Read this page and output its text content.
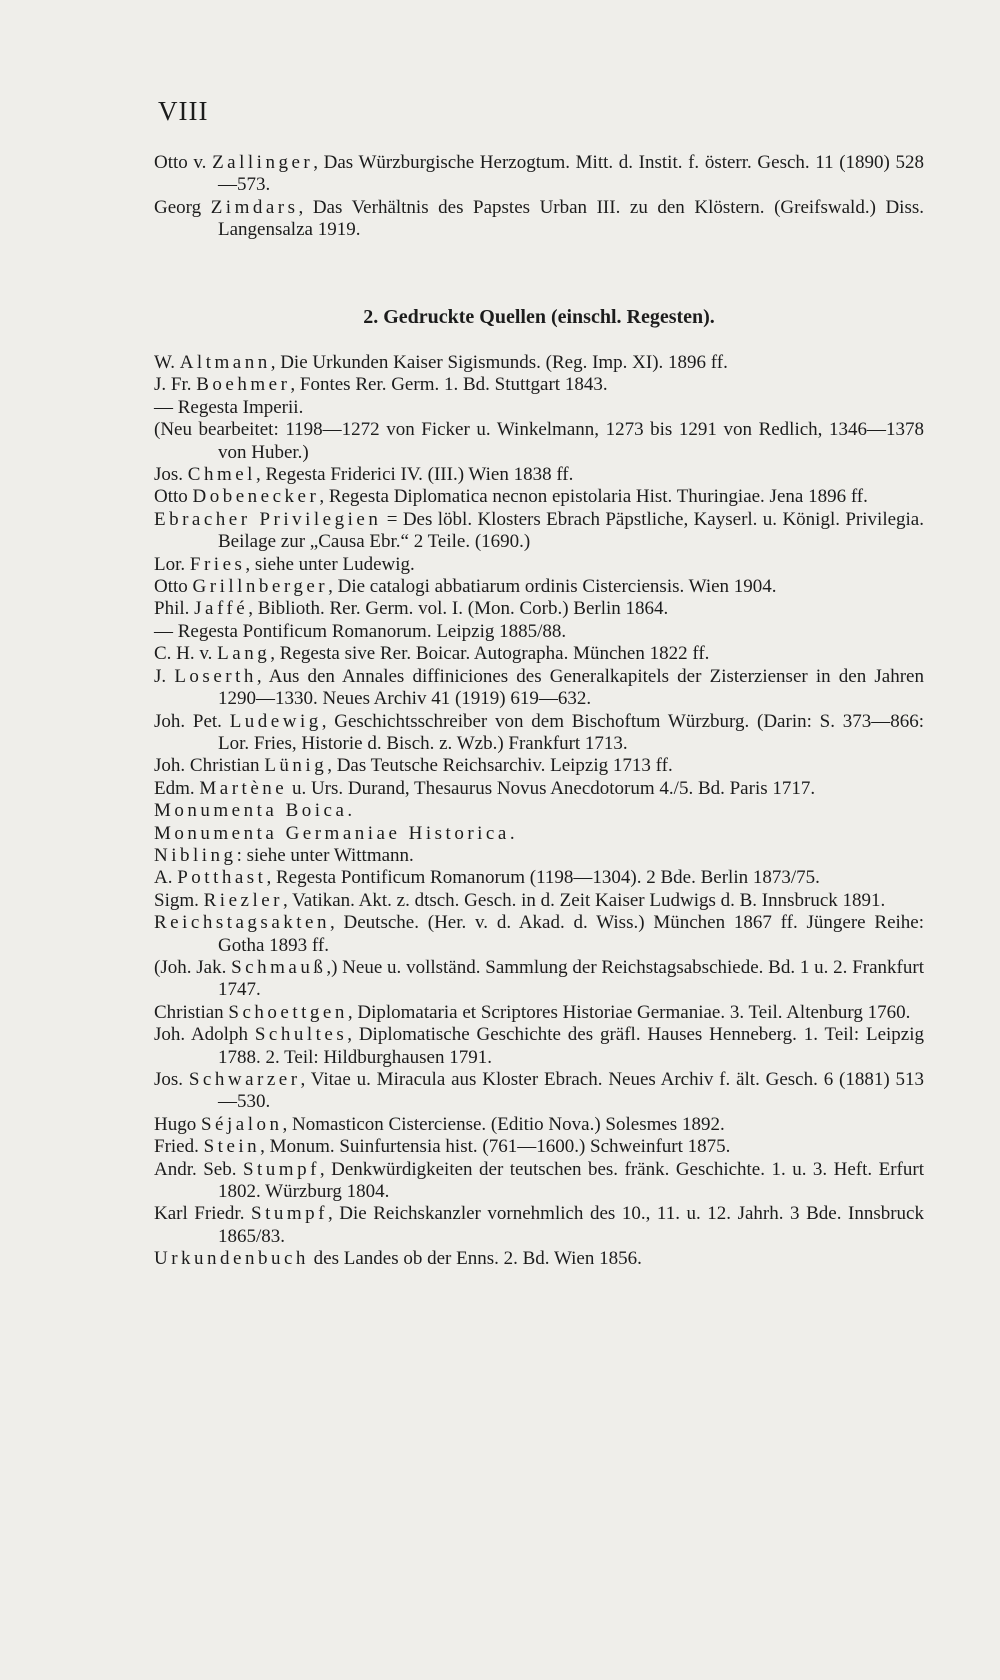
VIII
Otto v. Zallinger, Das Würzburgische Herzogtum. Mitt. d. Instit. f. österr. Gesch. 11 (1890) 528—573.
Georg Zimdars, Das Verhältnis des Papstes Urban III. zu den Klöstern. (Greifswald.) Diss. Langensalza 1919.
2. Gedruckte Quellen (einschl. Regesten).
W. Altmann, Die Urkunden Kaiser Sigismunds. (Reg. Imp. XI). 1896 ff.
J. Fr. Boehmer, Fontes Rer. Germ. 1. Bd. Stuttgart 1843.
— Regesta Imperii.
(Neu bearbeitet: 1198—1272 von Ficker u. Winkelmann, 1273 bis 1291 von Redlich, 1346—1378 von Huber.)
Jos. Chmel, Regesta Friderici IV. (III.) Wien 1838 ff.
Otto Dobenecker, Regesta Diplomatica necnon epistolaria Hist. Thuringiae. Jena 1896 ff.
Ebracher Privilegien = Des löbl. Klosters Ebrach Päpstliche, Kayserl. u. Königl. Privilegia. Beilage zur „Causa Ebr.“ 2 Teile. (1690.)
Lor. Fries, siehe unter Ludewig.
Otto Grillnberger, Die catalogi abbatiarum ordinis Cisterciensis. Wien 1904.
Phil. Jaffé, Biblioth. Rer. Germ. vol. I. (Mon. Corb.) Berlin 1864.
— Regesta Pontificum Romanorum. Leipzig 1885/88.
C. H. v. Lang, Regesta sive Rer. Boicar. Autographa. München 1822 ff.
J. Loserth, Aus den Annales diffiniciones des Generalkapitels der Zisterzienser in den Jahren 1290—1330. Neues Archiv 41 (1919) 619—632.
Joh. Pet. Ludewig, Geschichtsschreiber von dem Bischoftum Würzburg. (Darin: S. 373—866: Lor. Fries, Historie d. Bisch. z. Wzb.) Frankfurt 1713.
Joh. Christian Lünig, Das Teutsche Reichsarchiv. Leipzig 1713 ff.
Edm. Martène u. Urs. Durand, Thesaurus Novus Anecdotorum 4./5. Bd. Paris 1717.
Monumenta Boica.
Monumenta Germaniae Historica.
Nibling: siehe unter Wittmann.
A. Potthast, Regesta Pontificum Romanorum (1198—1304). 2 Bde. Berlin 1873/75.
Sigm. Riezler, Vatikan. Akt. z. dtsch. Gesch. in d. Zeit Kaiser Ludwigs d. B. Innsbruck 1891.
Reichstagsakten, Deutsche. (Her. v. d. Akad. d. Wiss.) München 1867 ff. Jüngere Reihe: Gotha 1893 ff.
(Joh. Jak. Schmauß,) Neue u. vollständ. Sammlung der Reichstagsabschiede. Bd. 1 u. 2. Frankfurt 1747.
Christian Schoettgen, Diplomataria et Scriptores Historiae Germaniae. 3. Teil. Altenburg 1760.
Joh. Adolph Schultes, Diplomatische Geschichte des gräfl. Hauses Henneberg. 1. Teil: Leipzig 1788. 2. Teil: Hildburghausen 1791.
Jos. Schwarzer, Vitae u. Miracula aus Kloster Ebrach. Neues Archiv f. ält. Gesch. 6 (1881) 513—530.
Hugo Séjalon, Nomasticon Cisterciense. (Editio Nova.) Solesmes 1892.
Fried. Stein, Monum. Suinfurtensia hist. (761—1600.) Schweinfurt 1875.
Andr. Seb. Stumpf, Denkwürdigkeiten der teutschen bes. fränk. Geschichte. 1. u. 3. Heft. Erfurt 1802. Würzburg 1804.
Karl Friedr. Stumpf, Die Reichskanzler vornehmlich des 10., 11. u. 12. Jahrh. 3 Bde. Innsbruck 1865/83.
Urkundenbuch des Landes ob der Enns. 2. Bd. Wien 1856.
